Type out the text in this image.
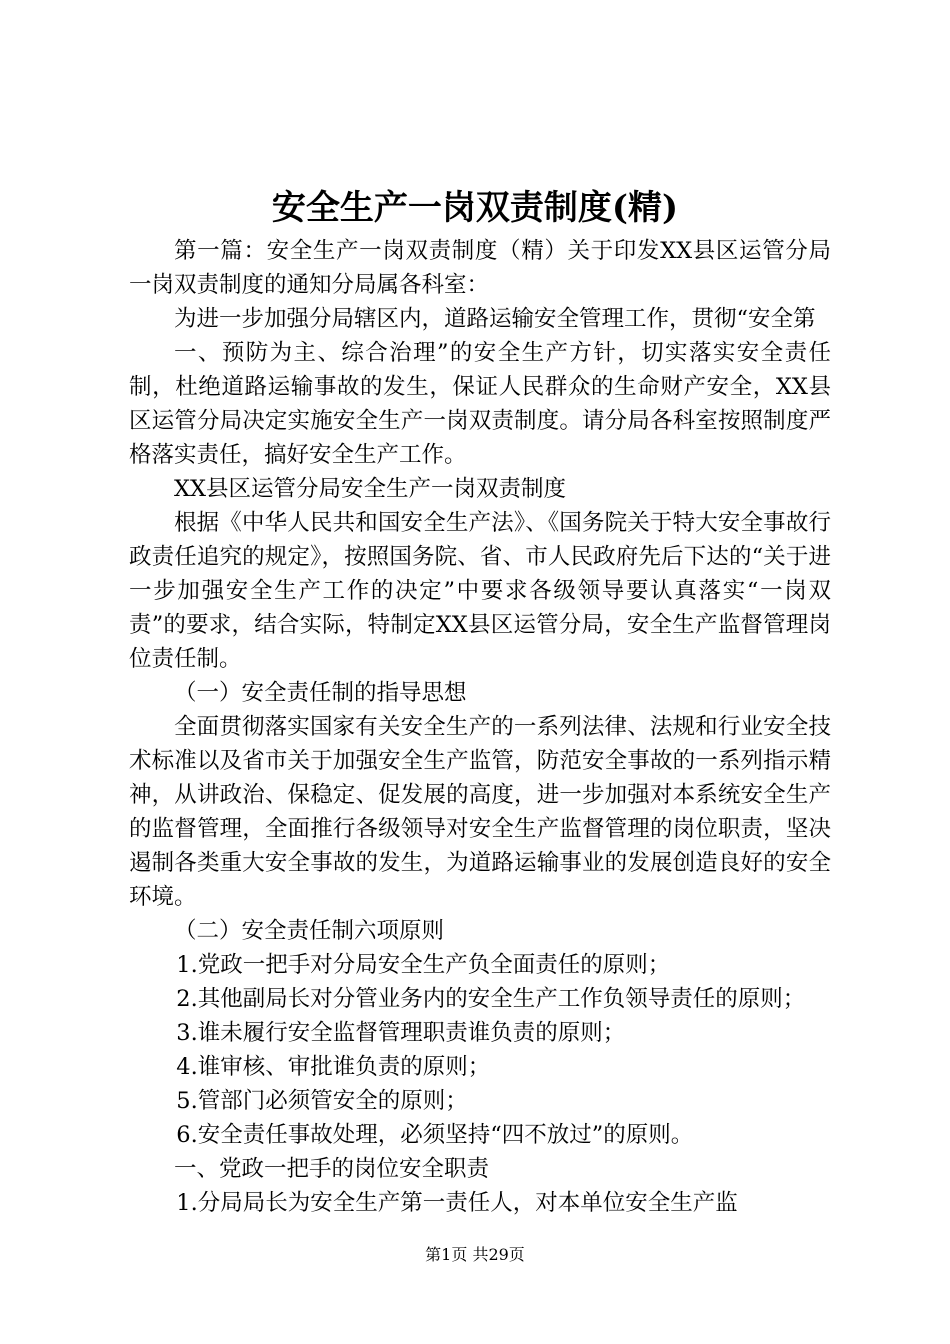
安全生产一岗双责制度(精)

第一篇：安全生产一岗双责制度（精）关于印发XX县区运管分局一岗双责制度的通知分局属各科室：

为进一步加强分局辖区内，道路运输安全管理工作，贯彻“安全第

一、预防为主、综合治理”的安全生产方针，切实落实安全责任制，杜绝道路运输事故的发生，保证人民群众的生命财产安全，XX县区运管分局决定实施安全生产一岗双责制度。请分局各科室按照制度严格落实责任，搞好安全生产工作。

XX县区运管分局安全生产一岗双责制度

根据《中华人民共和国安全生产法》、《国务院关于特大安全事故行政责任追究的规定》，按照国务院、省、市人民政府先后下达的“关于进一步加强安全生产工作的决定”中要求各级领导要认真落实“一岗双责”的要求，结合实际，特制定XX县区运管分局，安全生产监督管理岗位责任制。

（一）安全责任制的指导思想

全面贯彻落实国家有关安全生产的一系列法律、法规和行业安全技术标准以及省市关于加强安全生产监管，防范安全事故的一系列指示精神，从讲政治、保稳定、促发展的高度，进一步加强对本系统安全生产的监督管理，全面推行各级领导对安全生产监督管理的岗位职责，坚决遏制各类重大安全事故的发生，为道路运输事业的发展创造良好的安全环境。

（二）安全责任制六项原则

1.党政一把手对分局安全生产负全面责任的原则；

2.其他副局长对分管业务内的安全生产工作负领导责任的原则；

3.谁未履行安全监督管理职责谁负责的原则；

4.谁审核、审批谁负责的原则；

5.管部门必须管安全的原则；

6.安全责任事故处理，必须坚持“四不放过”的原则。

一、党政一把手的岗位安全职责

1.分局局长为安全生产第一责任人，对本单位安全生产监

第1页 共29页
